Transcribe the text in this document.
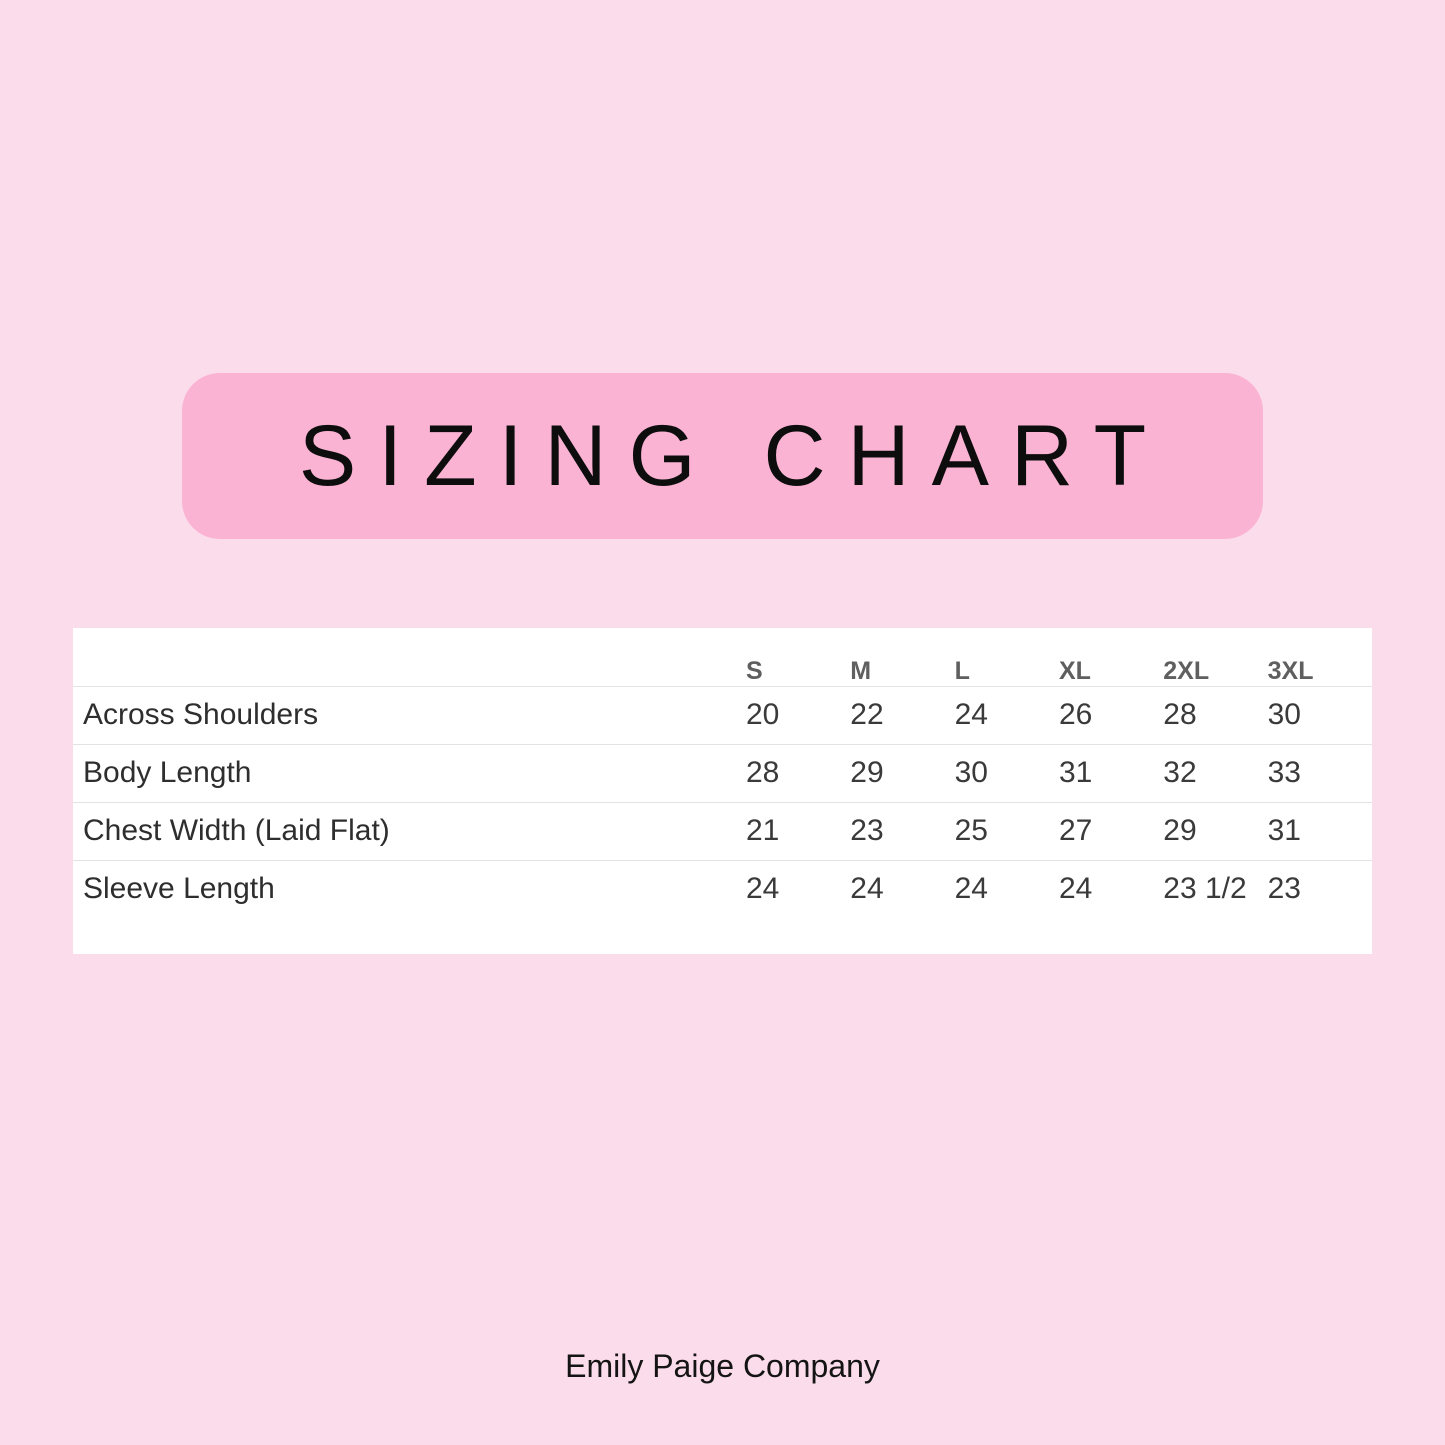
SIZING CHART
	S	M	L	XL	2XL	3XL
Across Shoulders	20	22	24	26	28	30
Body Length	28	29	30	31	32	33
Chest Width (Laid Flat)	21	23	25	27	29	31
Sleeve Length	24	24	24	24	23 1/2	23
Emily Paige Company
